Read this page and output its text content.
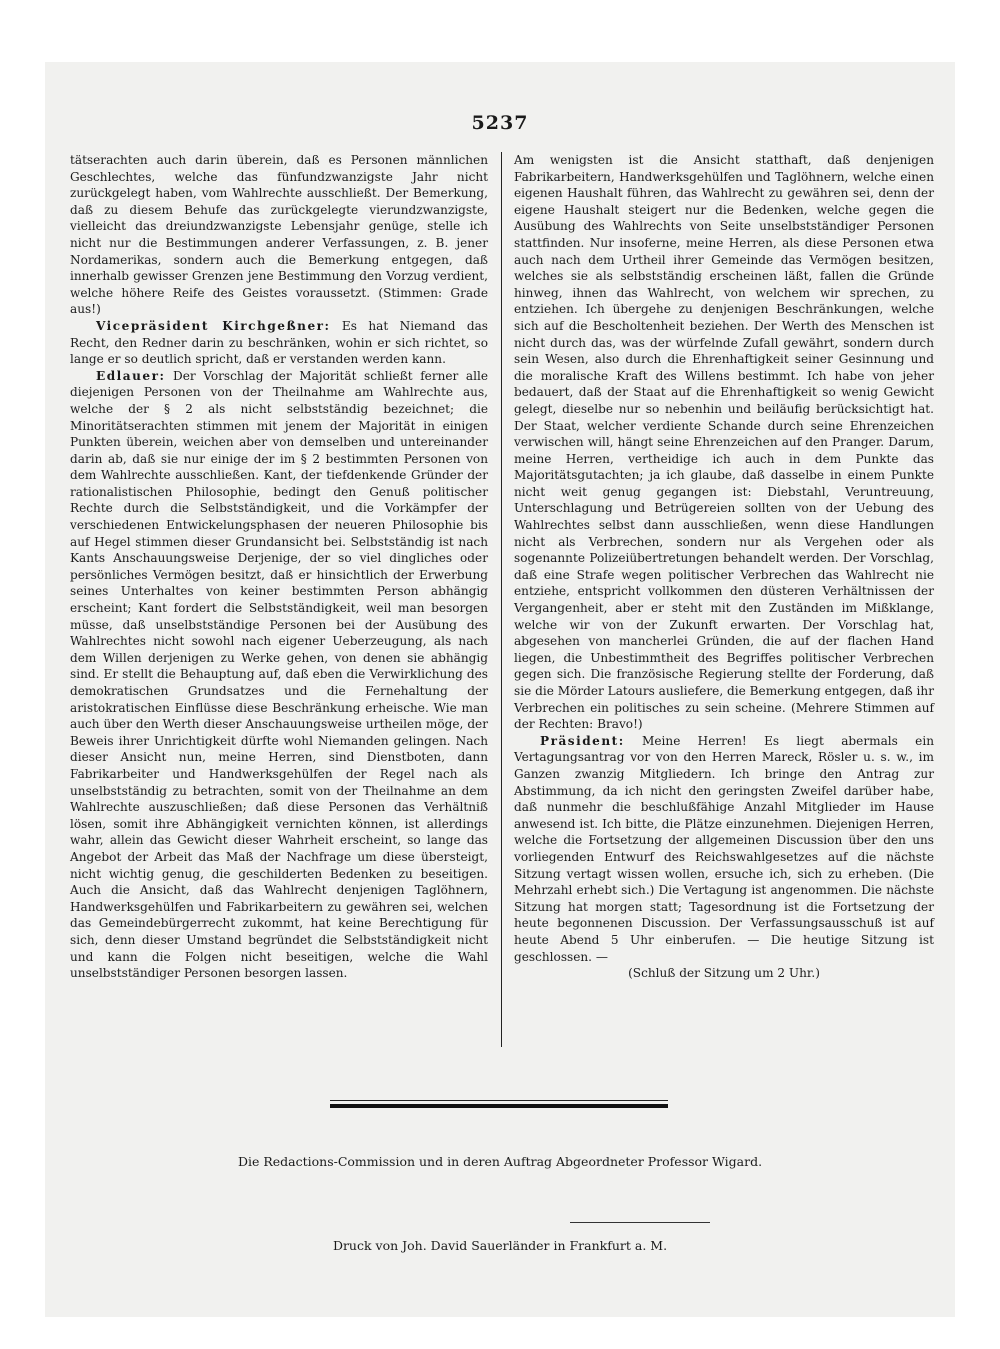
5237

tätserachten auch darin überein, daß es Personen männlichen Geschlechtes, welche das fünfundzwanzigste Jahr nicht zurückgelegt haben, vom Wahlrechte ausschließt. Der Bemerkung, daß zu diesem Behufe das zurückgelegte vierundzwanzigste, vielleicht das dreiundzwanzigste Lebensjahr genüge, stelle ich nicht nur die Bestimmungen anderer Verfassungen, z. B. jener Nordamerikas, sondern auch die Bemerkung entgegen, daß innerhalb gewisser Grenzen jene Bestimmung den Vorzug verdient, welche höhere Reife des Geistes voraussetzt. (Stimmen: Grade aus!)

Vicepräsident Kirchgeßner: Es hat Niemand das Recht, den Redner darin zu beschränken, wohin er sich richtet, so lange er so deutlich spricht, daß er verstanden werden kann.

Edlauer: Der Vorschlag der Majorität schließt ferner alle diejenigen Personen von der Theilnahme am Wahlrechte aus, welche der § 2 als nicht selbstständig bezeichnet; die Minoritätserachten stimmen mit jenem der Majorität in einigen Punkten überein, weichen aber von demselben und untereinander darin ab, daß sie nur einige der im § 2 bestimmten Personen von dem Wahlrechte ausschließen. Kant, der tiefdenkende Gründer der rationalistischen Philosophie, bedingt den Genuß politischer Rechte durch die Selbstständigkeit, und die Vorkämpfer der verschiedenen Entwickelungsphasen der neueren Philosophie bis auf Hegel stimmen dieser Grundansicht bei. Selbstständig ist nach Kants Anschauungsweise Derjenige, der so viel dingliches oder persönliches Vermögen besitzt, daß er hinsichtlich der Erwerbung seines Unterhaltes von keiner bestimmten Person abhängig erscheint; Kant fordert die Selbstständigkeit, weil man besorgen müsse, daß unselbstständige Personen bei der Ausübung des Wahlrechtes nicht sowohl nach eigener Ueberzeugung, als nach dem Willen derjenigen zu Werke gehen, von denen sie abhängig sind. Er stellt die Behauptung auf, daß eben die Verwirklichung des demokratischen Grundsatzes und die Fernehaltung der aristokratischen Einflüsse diese Beschränkung erheische. Wie man auch über den Werth dieser Anschauungsweise urtheilen möge, der Beweis ihrer Unrichtigkeit dürfte wohl Niemanden gelingen. Nach dieser Ansicht nun, meine Herren, sind Dienstboten, dann Fabrikarbeiter und Handwerksgehülfen der Regel nach als unselbstständig zu betrachten, somit von der Theilnahme an dem Wahlrechte auszuschließen; daß diese Personen das Verhältniß lösen, somit ihre Abhängigkeit vernichten können, ist allerdings wahr, allein das Gewicht dieser Wahrheit erscheint, so lange das Angebot der Arbeit das Maß der Nachfrage um diese übersteigt, nicht wichtig genug, die geschilderten Bedenken zu beseitigen. Auch die Ansicht, daß das Wahlrecht denjenigen Taglöhnern, Handwerksgehülfen und Fabrikarbeitern zu gewähren sei, welchen das Gemeindebürgerrecht zukommt, hat keine Berechtigung für sich, denn dieser Umstand begründet die Selbstständigkeit nicht und kann die Folgen nicht beseitigen, welche die Wahl unselbstständiger Personen besorgen lassen.

Am wenigsten ist die Ansicht statthaft, daß denjenigen Fabrikarbeitern, Handwerksgehülfen und Taglöhnern, welche einen eigenen Haushalt führen, das Wahlrecht zu gewähren sei, denn der eigene Haushalt steigert nur die Bedenken, welche gegen die Ausübung des Wahlrechts von Seite unselbstständiger Personen stattfinden. Nur insoferne, meine Herren, als diese Personen etwa auch nach dem Urtheil ihrer Gemeinde das Vermögen besitzen, welches sie als selbstständig erscheinen läßt, fallen die Gründe hinweg, ihnen das Wahlrecht, von welchem wir sprechen, zu entziehen. Ich übergehe zu denjenigen Beschränkungen, welche sich auf die Bescholtenheit beziehen. Der Werth des Menschen ist nicht durch das, was der würfelnde Zufall gewährt, sondern durch sein Wesen, also durch die Ehrenhaftigkeit seiner Gesinnung und die moralische Kraft des Willens bestimmt. Ich habe von jeher bedauert, daß der Staat auf die Ehrenhaftigkeit so wenig Gewicht gelegt, dieselbe nur so nebenhin und beiläufig berücksichtigt hat. Der Staat, welcher verdiente Schande durch seine Ehrenzeichen verwischen will, hängt seine Ehrenzeichen auf den Pranger. Darum, meine Herren, vertheidige ich auch in dem Punkte das Majoritätsgutachten; ja ich glaube, daß dasselbe in einem Punkte nicht weit genug gegangen ist: Diebstahl, Veruntreuung, Unterschlagung und Betrügereien sollten von der Uebung des Wahlrechtes selbst dann ausschließen, wenn diese Handlungen nicht als Verbrechen, sondern nur als Vergehen oder als sogenannte Polizeiübertretungen behandelt werden. Der Vorschlag, daß eine Strafe wegen politischer Verbrechen das Wahlrecht nie entziehe, entspricht vollkommen den düsteren Verhältnissen der Vergangenheit, aber er steht mit den Zuständen im Mißklange, welche wir von der Zukunft erwarten. Der Vorschlag hat, abgesehen von mancherlei Gründen, die auf der flachen Hand liegen, die Unbestimmtheit des Begriffes politischer Verbrechen gegen sich. Die französische Regierung stellte der Forderung, daß sie die Mörder Latours ausliefere, die Bemerkung entgegen, daß ihr Verbrechen ein politisches zu sein scheine. (Mehrere Stimmen auf der Rechten: Bravo!)

Präsident: Meine Herren! Es liegt abermals ein Vertagungsantrag vor von den Herren Mareck, Rösler u. s. w., im Ganzen zwanzig Mitgliedern. Ich bringe den Antrag zur Abstimmung, da ich nicht den geringsten Zweifel darüber habe, daß nunmehr die beschlußfähige Anzahl Mitglieder im Hause anwesend ist. Ich bitte, die Plätze einzunehmen. Diejenigen Herren, welche die Fortsetzung der allgemeinen Discussion über den uns vorliegenden Entwurf des Reichswahlgesetzes auf die nächste Sitzung vertagt wissen wollen, ersuche ich, sich zu erheben. (Die Mehrzahl erhebt sich.) Die Vertagung ist angenommen. Die nächste Sitzung hat morgen statt; Tagesordnung ist die Fortsetzung der heute begonnenen Discussion. Der Verfassungsausschuß ist auf heute Abend 5 Uhr einberufen. — Die heutige Sitzung ist geschlossen. —

(Schluß der Sitzung um 2 Uhr.)

Die Redactions-Commission und in deren Auftrag Abgeordneter Professor Wigard.
Druck von Joh. David Sauerländer in Frankfurt a. M.
